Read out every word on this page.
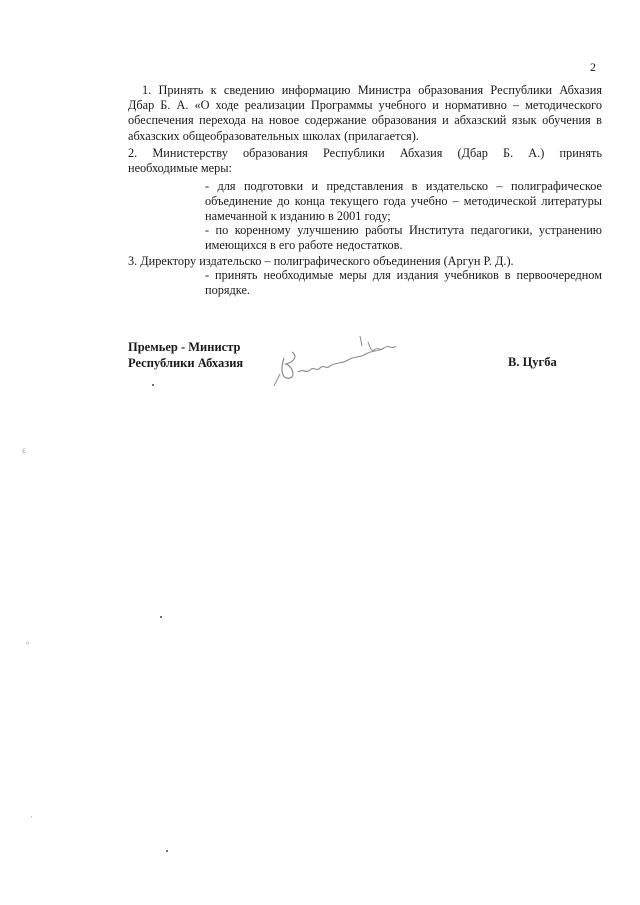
2
1. Принять к сведению информацию Министра образования Республики Абхазия
Дбар Б. А. «О ходе реализации Программы учебного и нормативно – методического
обеспечения перехода на новое содержание образования и абхазский язык обучения в
абхазских общеобразовательных школах (прилагается).
2. Министерству образования Республики Абхазия (Дбар Б. А.) принять
необходимые меры:
- для подготовки и представления в издательско – полиграфическое
объединение до конца текущего года учебно – методической литературы
намечанной к изданию в 2001 году;
- по коренному улучшению работы Института педагогики, устранению
имеющихся в его работе недостатков.
3. Директору издательско – полиграфического объединения (Аргун Р. Д.).
- принять необходимые меры для издания учебников в первоочередном
порядке.
Премьер - Министр
Республики Абхазия	В. Цугба
ε
°
·
